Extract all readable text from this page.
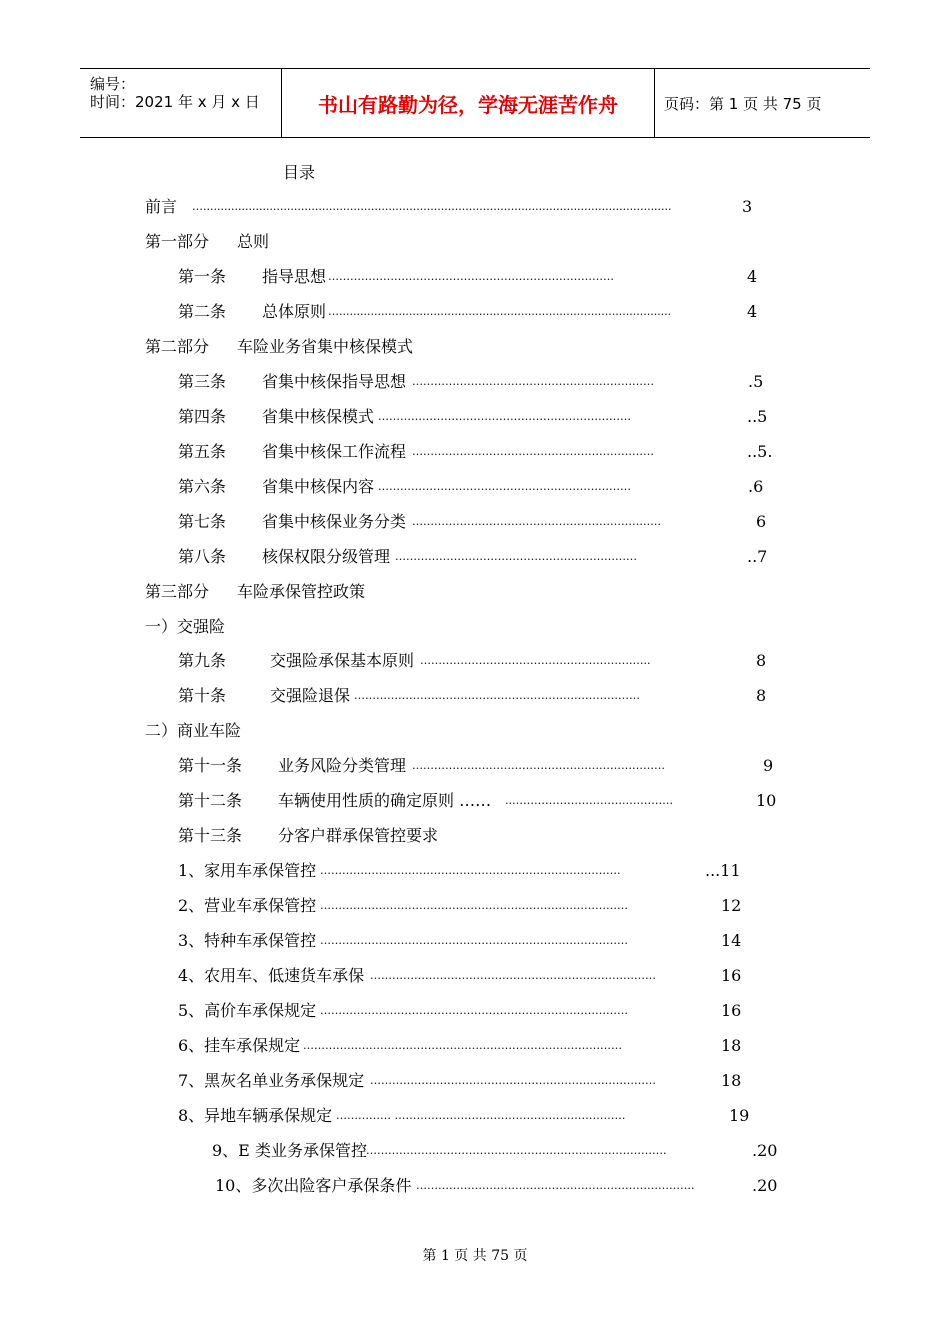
编号：
时间：2021 年 x 月 x 日	书山有路勤为径，学海无涯苦作舟	页码：第 1 页 共 75 页
目录
前言 …......................................................................................................................................	3
第一部分 总则
第一条 指导思想 ……………………………………………………………………	4
第二条 总体原则 …...............................................................................................	4
第二部分 车险业务省集中核保模式
第三条 省集中核保指导思想 …………………………………………………………	.5
第四条 省集中核保模式 ……………………………………………………………	..5
第五条 省集中核保工作流程 …………………………………………………………	..5.
第六条 省集中核保内容 ……………………………………………………………	.6
第七条 省集中核保业务分类 ……………………………………………………….….	6
第八条 核保权限分级管理 …………………………………………………………	..7
第三部分 车险承保管控政策
一）交强险
第九条	交强险承保基本原则 ………………………………………………….…..	8
第十条	交强险退保 ……………………………………………………………………	8
二）商业车险
第十一条 业务风险分类管理 ……………………………………………………………	9
第十二条 车辆使用性质的确定原则 …… ..………………………….………….	10
第十三条 分客户群承保管控要求
1、家用车承保管控 ……………………………………………………………………….	...11
2、营业车承保管控 …………………………………………………………………………	12
3、特种车承保管控 …………………………………………………………………………	14
4、农用车、低速货车承保 ……………………………………………………………………	16
5、高价车承保规定 …………………………………………………………………………	16
6、挂车承保规定 ……………………………………………………………………………	18
7、黑灰名单业务承保规定 ……………………………………………………………………	18
8、异地车辆承保规定 …………… ………………………………………………………	19
9、E 类业务承保管控 ……………………………………………………………………….	.20
10、多次出险客户承保条件 ………………………………………………………………….	.20
第 1 页 共 75 页
